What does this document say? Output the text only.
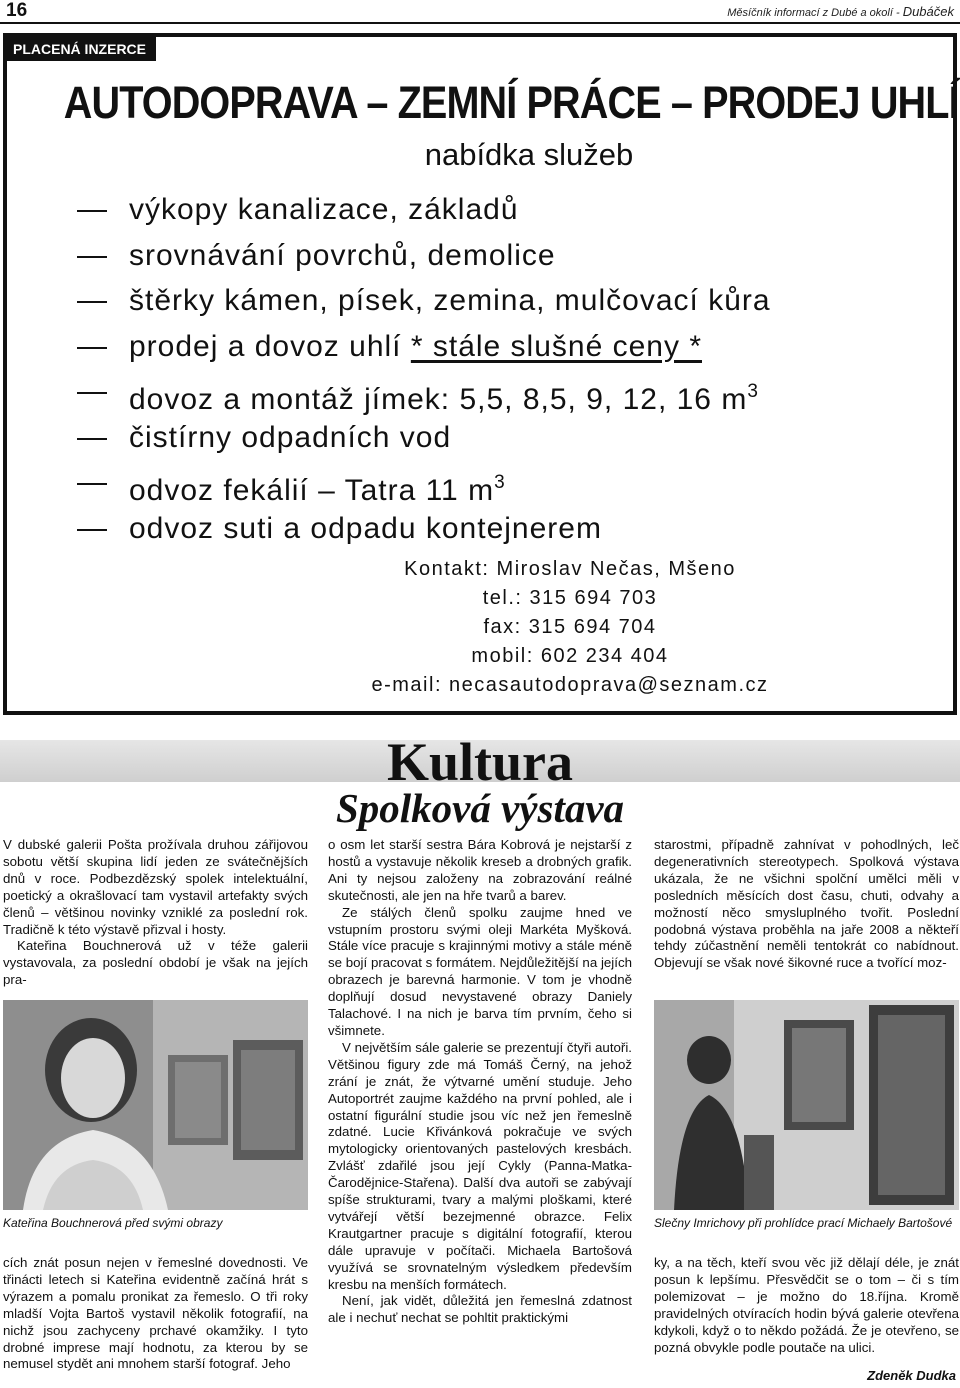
16	Měsíčník informací z Dubé a okolí - Dubáček
PLACENÁ INZERCE
AUTODOPRAVA – ZEMNÍ PRÁCE – PRODEJ UHLÍ
nabídka služeb
výkopy kanalizace, základů
srovnávání povrchů, demolice
štěrky kámen, písek, zemina, mulčovací kůra
prodej a dovoz uhlí * stále slušné ceny *
dovoz a montáž jímek: 5,5, 8,5, 9, 12, 16 $m^3$
čistírny odpadních vod
odvoz fekálií – Tatra 11 $m^3$
odvoz suti a odpadu kontejnerem
Kontakt: Miroslav Nečas, Mšeno
tel.: 315 694 703
fax: 315 694 704
mobil: 602 234 404
e-mail: necasautodoprava@seznam.cz
Kultura
Spolková výstava

V dubské galerii Pošta prožívala druhou zářijovou sobotu větší skupina lidí jeden ze svátečnějších dnů v roce. Podbezdězský spolek intelektuální, poetický a okrašlovací tam vystavil artefakty svých členů – většinou novinky vzniklé za poslední rok. Tradičně k této výstavě přizval i hosty.

Kateřina Bouchnerová už v téže galerii vystavovala, za poslední období je však na jejích pra-

Kateřina Bouchnerová před svými obrazy

cích znát posun nejen v řemeslné dovednosti. Ve třinácti letech si Kateřina evidentně začíná hrát s výrazem a pomalu pronikat za řemeslo. O tři roky mladší Vojta Bartoš vystavil několik fotografií, na nichž jsou zachyceny prchavé okamžiky. I tyto drobné imprese mají hodnotu, za kterou by se nemusel stydět ani mnohem starší fotograf. Jeho

o osm let starší sestra Bára Kobrová je nejstarší z hostů a vystavuje několik kreseb a drobných grafik. Ani ty nejsou založeny na zobrazování reálné skutečnosti, ale jen na hře tvarů a barev.

Ze stálých členů spolku zaujme hned ve vstupním prostoru svými oleji Markéta Myšková. Stále více pracuje s krajinnými motivy a stále méně se bojí pracovat s formátem. Nejdůležitější na jejích obrazech je barevná harmonie. V tom je vhodně doplňují dosud nevystavené obrazy Daniely Talachové. I na nich je barva tím prvním, čeho si všimnete.

V největším sále galerie se prezentují čtyři autoři. Většinou figury zde má Tomáš Černý, na jehož zrání je znát, že výtvarné umění studuje. Jeho Autoportrét zaujme každého na první pohled, ale i ostatní figurální studie jsou víc než jen řemeslně zdatné. Lucie Křivánková pokračuje ve svých mytologicky orientovaných pastelových kresbách. Zvlášť zdařilé jsou její Cykly (Panna-Matka-Čarodějnice-Stařena). Další dva autoři se zabývají spíše strukturami, tvary a malými ploškami, které vytvářejí větší bezejmenné obrazce. Felix Krautgartner pracuje s digitální fotografií, kterou dále upravuje v počítači. Michaela Bartošová využívá se srovnatelným výsledkem především kresbu na menších formátech.

Není, jak vidět, důležitá jen řemeslná zdatnost ale i nechuť nechat se pohltit praktickými

starostmi, případně zahnívat v pohodlných, leč degenerativních stereotypech. Spolková výstava ukázala, že ne všichni spolční umělci měli v posledních měsících dost času, chuti, odvahy a možností něco smysluplného tvořit. Poslední podobná výstava proběhla na jaře 2008 a někteří tehdy zúčastnění neměli tentokrát co nabídnout. Objevují se však nové šikovné ruce a tvořící moz-

Slečny Imrichovy při prohlídce prací Michaely Bartošové

ky, a na těch, kteří svou věc již dělají déle, je znát posun k lepšímu. Přesvědčit se o tom – či s tím polemizovat – je možno do 18.října. Kromě pravidelných otvíracích hodin bývá galerie otevřena kdykoli, když o to někdo požádá. Že je otevřeno, se pozná obvykle podle poutače na ulici.

Zdeněk Dudka
